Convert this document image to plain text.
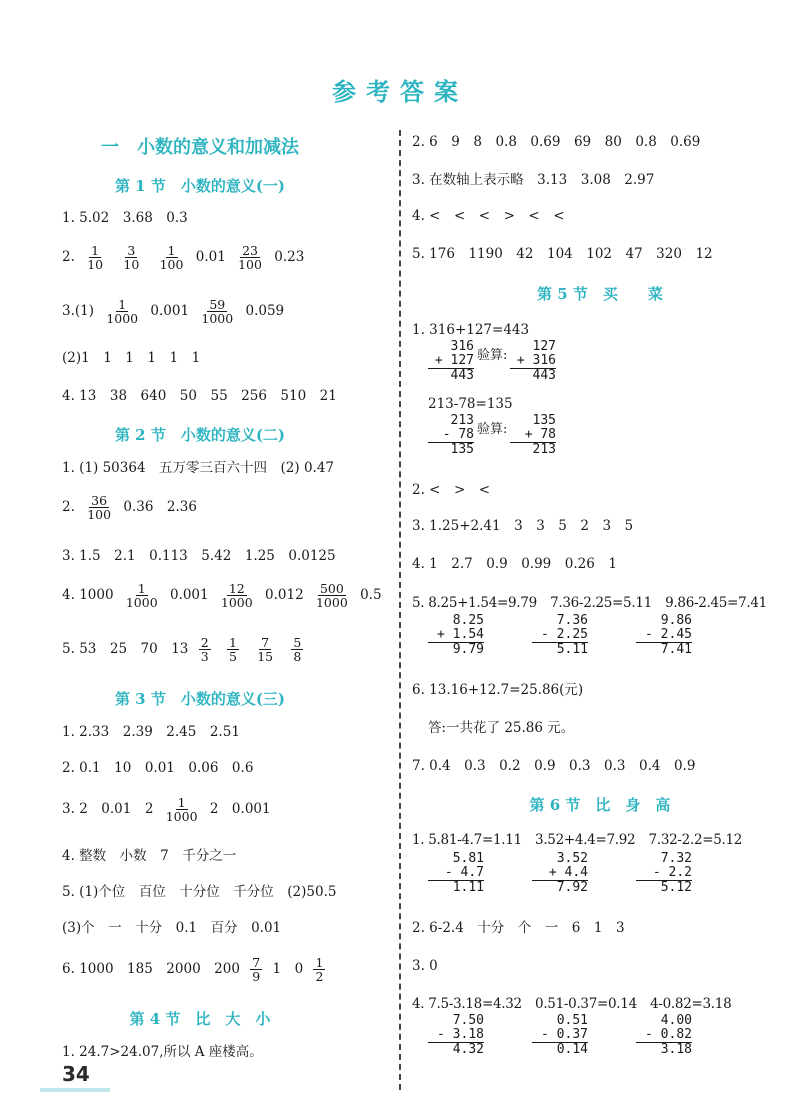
参考答案
一　小数的意义和加减法
第 1 节　小数的意义(一)
1. 5.02　3.68　0.3
2. $\frac{1}{10}$
$\frac{3}{10}$
$\frac{1}{100} 0.01 \frac{23}{100} 0.23$
$3.(1) \frac{1}{1000} 0.001 \frac{59}{1000} 0.059$
(2)1　1　1　1　1　1
4. 13　38　640　50　55　256　510　21
第 2 节　小数的意义(二)
1. (1) 50364　五万零三百六十四　(2) 0.47
2. $\frac{36}{100} 0.36$　2.36
3. 1.5　2.1　0.113　5.42　1.25　0.0125
4. $1000 \frac{1}{1000} 0.001 \frac{12}{1000} 0.012 \frac{500}{1000} 0.5$
5. 53　25　70　$13 \frac{2}{3}$
$\frac{1}{5}$
$\frac{7}{15}$
$\frac{5}{8}$
第 3 节　小数的意义(三)
1. 2.33　2.39　2.45　2.51
2. 0.1　10　0.01　0.06　0.6
3. 2　0.01　$2 \frac{1}{1000} 2$　0.001
4. 整数　小数　7　千分之一
5. (1)个位　百位　十分位　千分位　(2)50.5
(3)个　一　十分　0.1　百分　0.01
6. 1000　185　2000　$200 \frac{7}{9} 1$　$0 \frac{1}{2}$
第 4 节　比　大　小
1. 24.7>24.07,所以 A 座楼高。
34
2. 6　9　8　0.8　0.69　69　80　0.8　0.69
3. 在数轴上表示略　3.13　3.08　2.97
4. <　<　<　>　<　<
5. 176　1190　42　104　102　47　320　12
第 5 节　买　　菜
1. 316+127=443
316
+ 127
443
验算:
127
+ 316
443
213-78=135
213
- 78
135
验算:
135
+ 78
213
2. <　>　<
3. 1.25+2.41　3　3　5　2　3　5
4. 1　2.7　0.9　0.99　0.26　1
5. 8.25+1.54=9.79　7.36-2.25=5.11　9.86-2.45=7.41
8.25
+ 1.54
9.79
7.36
- 2.25
5.11
9.86
- 2.45
7.41
6. 13.16+12.7=25.86(元)
答:一共花了 25.86 元。
7. 0.4　0.3　0.2　0.9　0.3　0.3　0.4　0.9
第 6 节　比　身　高
1. 5.81-4.7=1.11　3.52+4.4=7.92　7.32-2.2=5.12
5.81
- 4.7
1.11
3.52
+ 4.4
7.92
7.32
- 2.2
5.12
2. 6-2.4　十分　个　一　6　1　3
3. 0
4. 7.5-3.18=4.32　0.51-0.37=0.14　4-0.82=3.18
7.50
- 3.18
4.32
0.51
- 0.37
0.14
4.00
- 0.82
3.18
